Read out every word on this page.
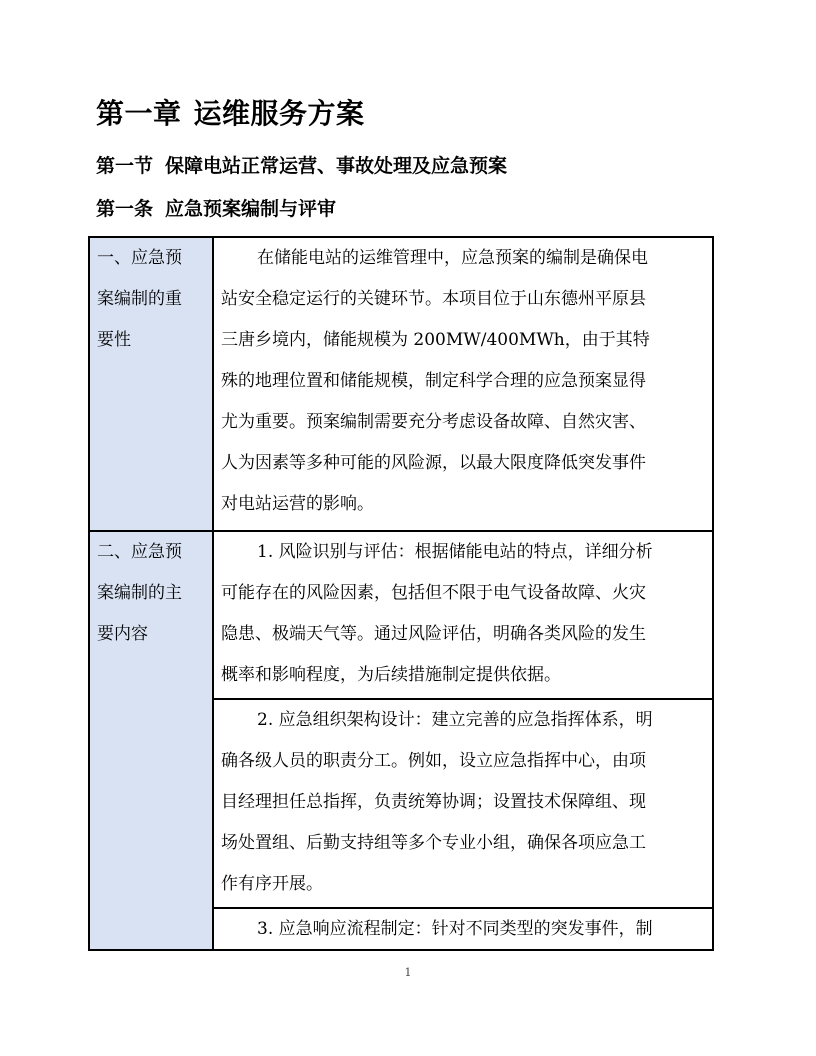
第一章 运维服务方案
第一节 保障电站正常运营、事故处理及应急预案
第一条 应急预案编制与评审
一、应急预
案编制的重
要性
在储能电站的运维管理中，应急预案的编制是确保电
站安全稳定运行的关键环节。本项目位于山东德州平原县
三唐乡境内，储能规模为 200MW/400MWh，由于其特
殊的地理位置和储能规模，制定科学合理的应急预案显得
尤为重要。预案编制需要充分考虑设备故障、自然灾害、
人为因素等多种可能的风险源，以最大限度降低突发事件
对电站运营的影响。
二、应急预
案编制的主
要内容
1. 风险识别与评估：根据储能电站的特点，详细分析
可能存在的风险因素，包括但不限于电气设备故障、火灾
隐患、极端天气等。通过风险评估，明确各类风险的发生
概率和影响程度，为后续措施制定提供依据。
2. 应急组织架构设计：建立完善的应急指挥体系，明
确各级人员的职责分工。例如，设立应急指挥中心，由项
目经理担任总指挥，负责统筹协调；设置技术保障组、现
场处置组、后勤支持组等多个专业小组，确保各项应急工
作有序开展。
3. 应急响应流程制定：针对不同类型的突发事件，制
1
